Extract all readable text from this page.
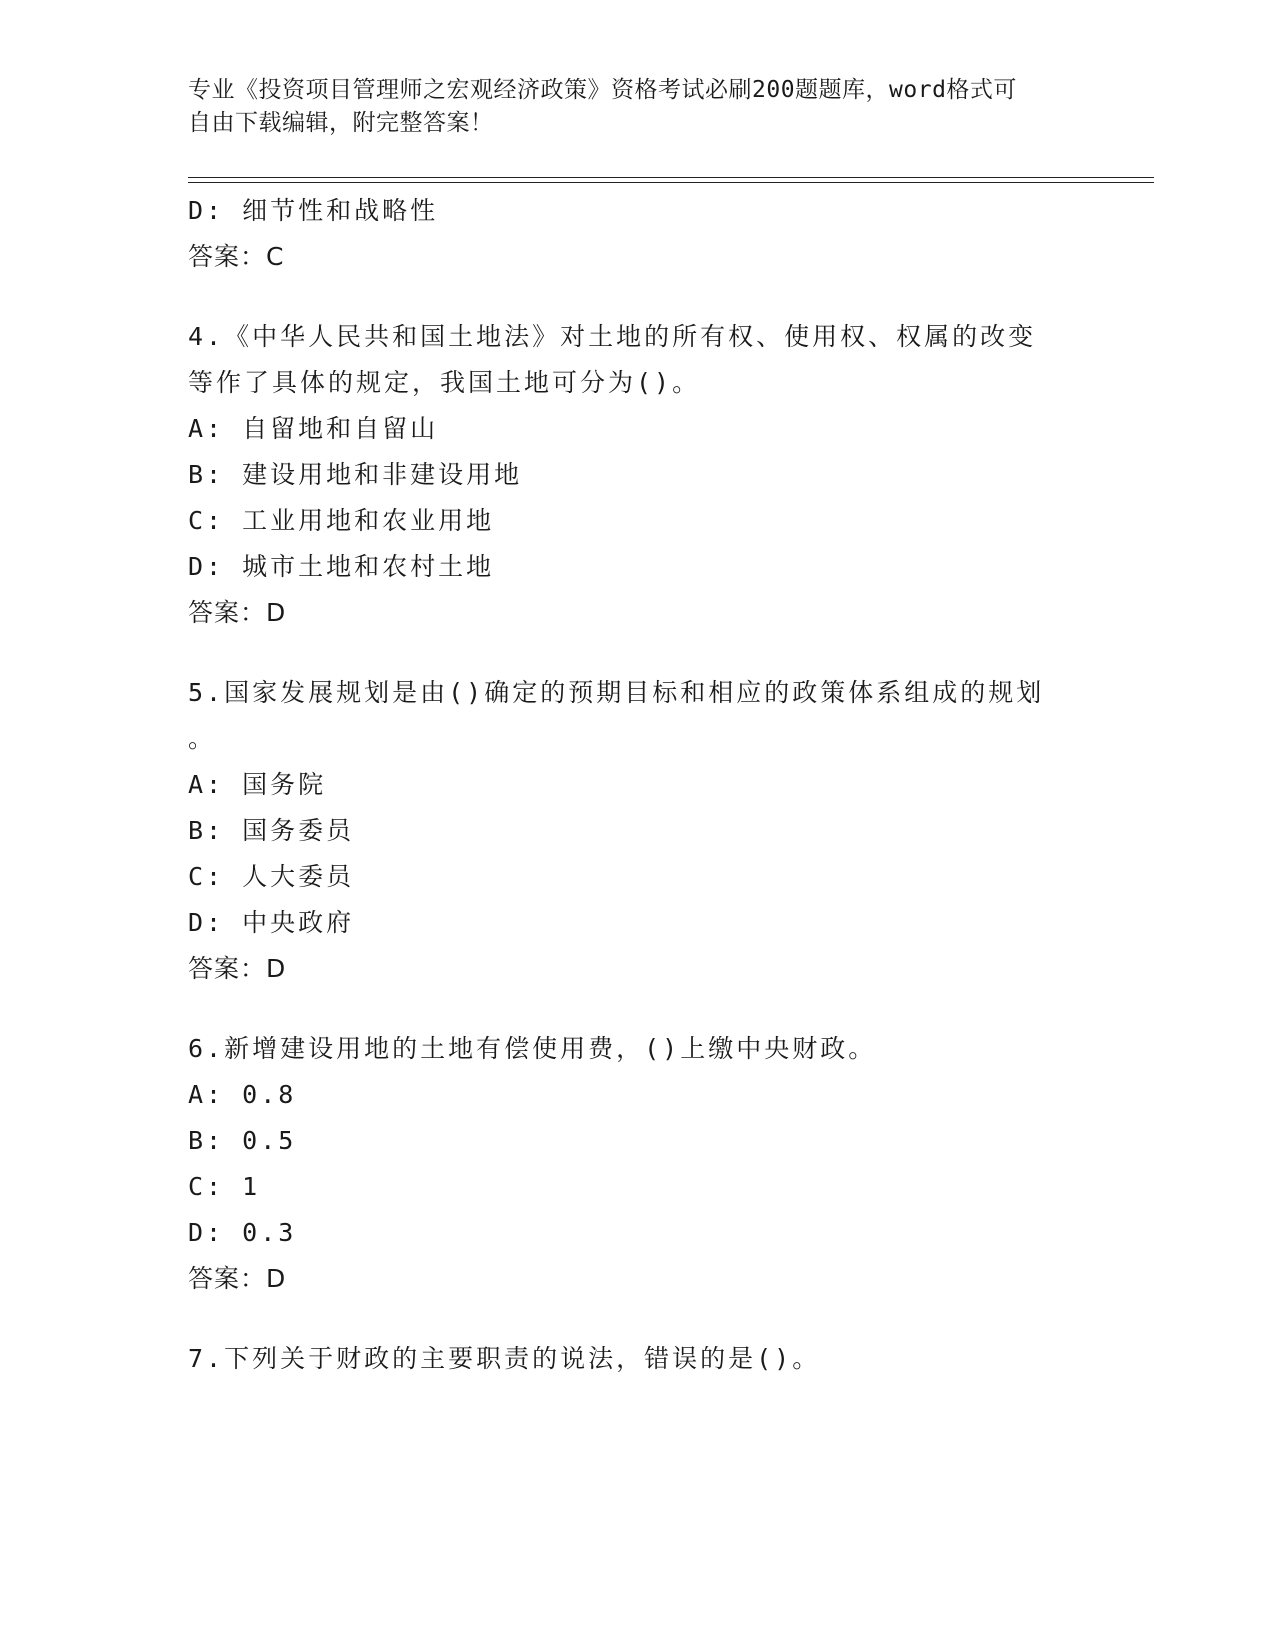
专业《投资项目管理师之宏观经济政策》资格考试必刷200题题库，word格式可
自由下载编辑，附完整答案！
D: 细节性和战略性
答案：C
4.《中华人民共和国土地法》对土地的所有权、使用权、权属的改变
等作了具体的规定，我国土地可分为()。
A: 自留地和自留山
B: 建设用地和非建设用地
C: 工业用地和农业用地
D: 城市土地和农村土地
答案：D
5.国家发展规划是由()确定的预期目标和相应的政策体系组成的规划
。
A: 国务院
B: 国务委员
C: 人大委员
D: 中央政府
答案：D
6.新增建设用地的土地有偿使用费，()上缴中央财政。
A: 0.8
B: 0.5
C: 1
D: 0.3
答案：D
7.下列关于财政的主要职责的说法，错误的是()。
